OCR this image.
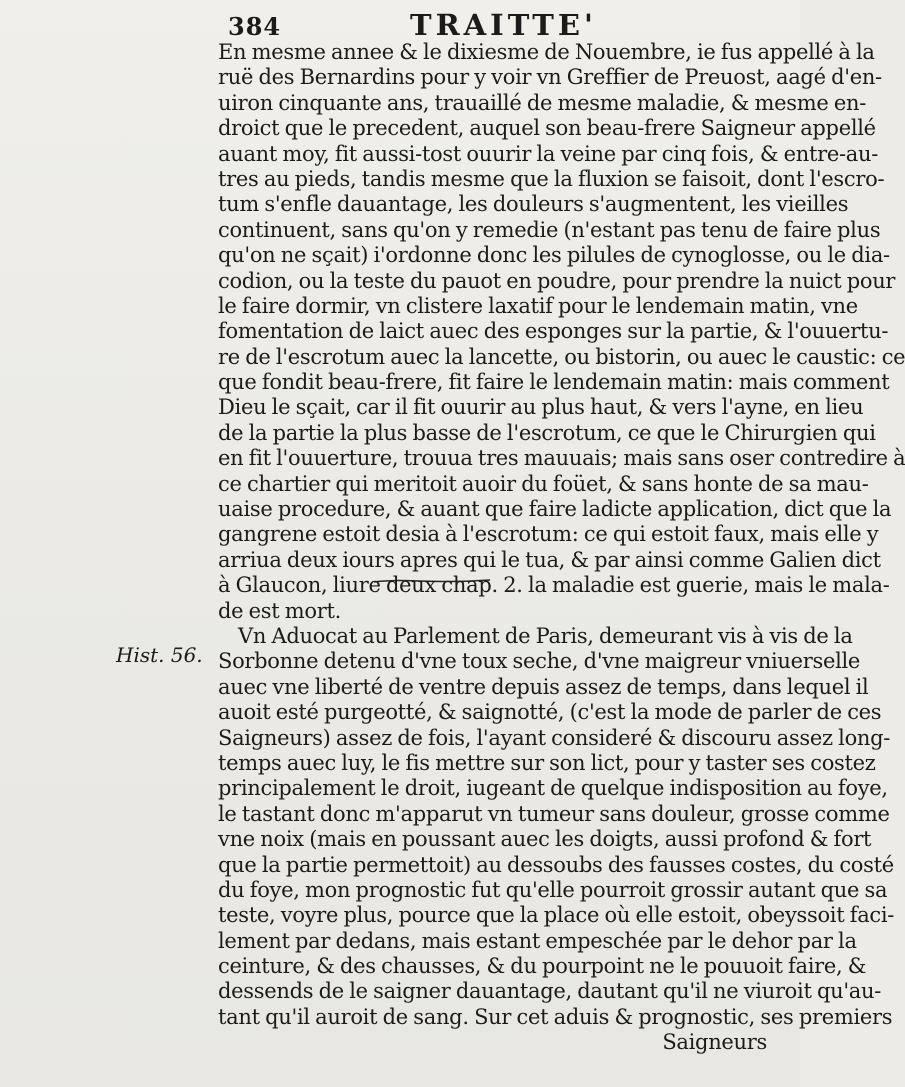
384	TRAITTE'
Hist. 56.
En mesme annee & le dixiesme de Nouembre, ie fus appellé à la
ruë des Bernardins pour y voir vn Greffier de Preuost, aagé d'en-
uiron cinquante ans, trauaillé de mesme maladie, & mesme en-
droict que le precedent, auquel son beau-frere Saigneur appellé
auant moy, fit aussi-tost ouurir la veine par cinq fois, & entre-au-
tres au pieds, tandis mesme que la fluxion se faisoit, dont l'escro-
tum s'enfle dauantage, les douleurs s'augmentent, les vieilles
continuent, sans qu'on y remedie (n'estant pas tenu de faire plus
qu'on ne sçait) i'ordonne donc les pilules de cynoglosse, ou le dia-
codion, ou la teste du pauot en poudre, pour prendre la nuict pour
le faire dormir, vn clistere laxatif pour le lendemain matin, vne
fomentation de laict auec des esponges sur la partie, & l'ouuertu-
re de l'escrotum auec la lancette, ou bistorin, ou auec le caustic: ce
que fondit beau-frere, fit faire le lendemain matin: mais comment
Dieu le sçait, car il fit ouurir au plus haut, & vers l'ayne, en lieu
de la partie la plus basse de l'escrotum, ce que le Chirurgien qui
en fit l'ouuerture, trouua tres mauuais; mais sans oser contredire à
ce chartier qui meritoit auoir du foüet, & sans honte de sa mau-
uaise procedure, & auant que faire ladicte application, dict que la
gangrene estoit desia à l'escrotum: ce qui estoit faux, mais elle y
arriua deux iours apres qui le tua, & par ainsi comme Galien dict
à Glaucon, liure deux chap. 2. la maladie est guerie, mais le mala-
de est mort.
Vn Aduocat au Parlement de Paris, demeurant vis à vis de la
Sorbonne detenu d'vne toux seche, d'vne maigreur vniuerselle
auec vne liberté de ventre depuis assez de temps, dans lequel il
auoit esté purgeotté, & saignotté, (c'est la mode de parler de ces
Saigneurs) assez de fois, l'ayant consideré & discouru assez long-
temps auec luy, le fis mettre sur son lict, pour y taster ses costez
principalement le droit, iugeant de quelque indisposition au foye,
le tastant donc m'apparut vn tumeur sans douleur, grosse comme
vne noix (mais en poussant auec les doigts, aussi profond & fort
que la partie permettoit) au dessoubs des fausses costes, du costé
du foye, mon prognostic fut qu'elle pourroit grossir autant que sa
teste, voyre plus, pource que la place où elle estoit, obeyssoit faci-
lement par dedans, mais estant empeschée par le dehor par la
ceinture, & des chausses, & du pourpoint ne le pouuoit faire, &
dessends de le saigner dauantage, dautant qu'il ne viuroit qu'au-
tant qu'il auroit de sang. Sur cet aduis & prognostic, ses premiers
Saigneurs
